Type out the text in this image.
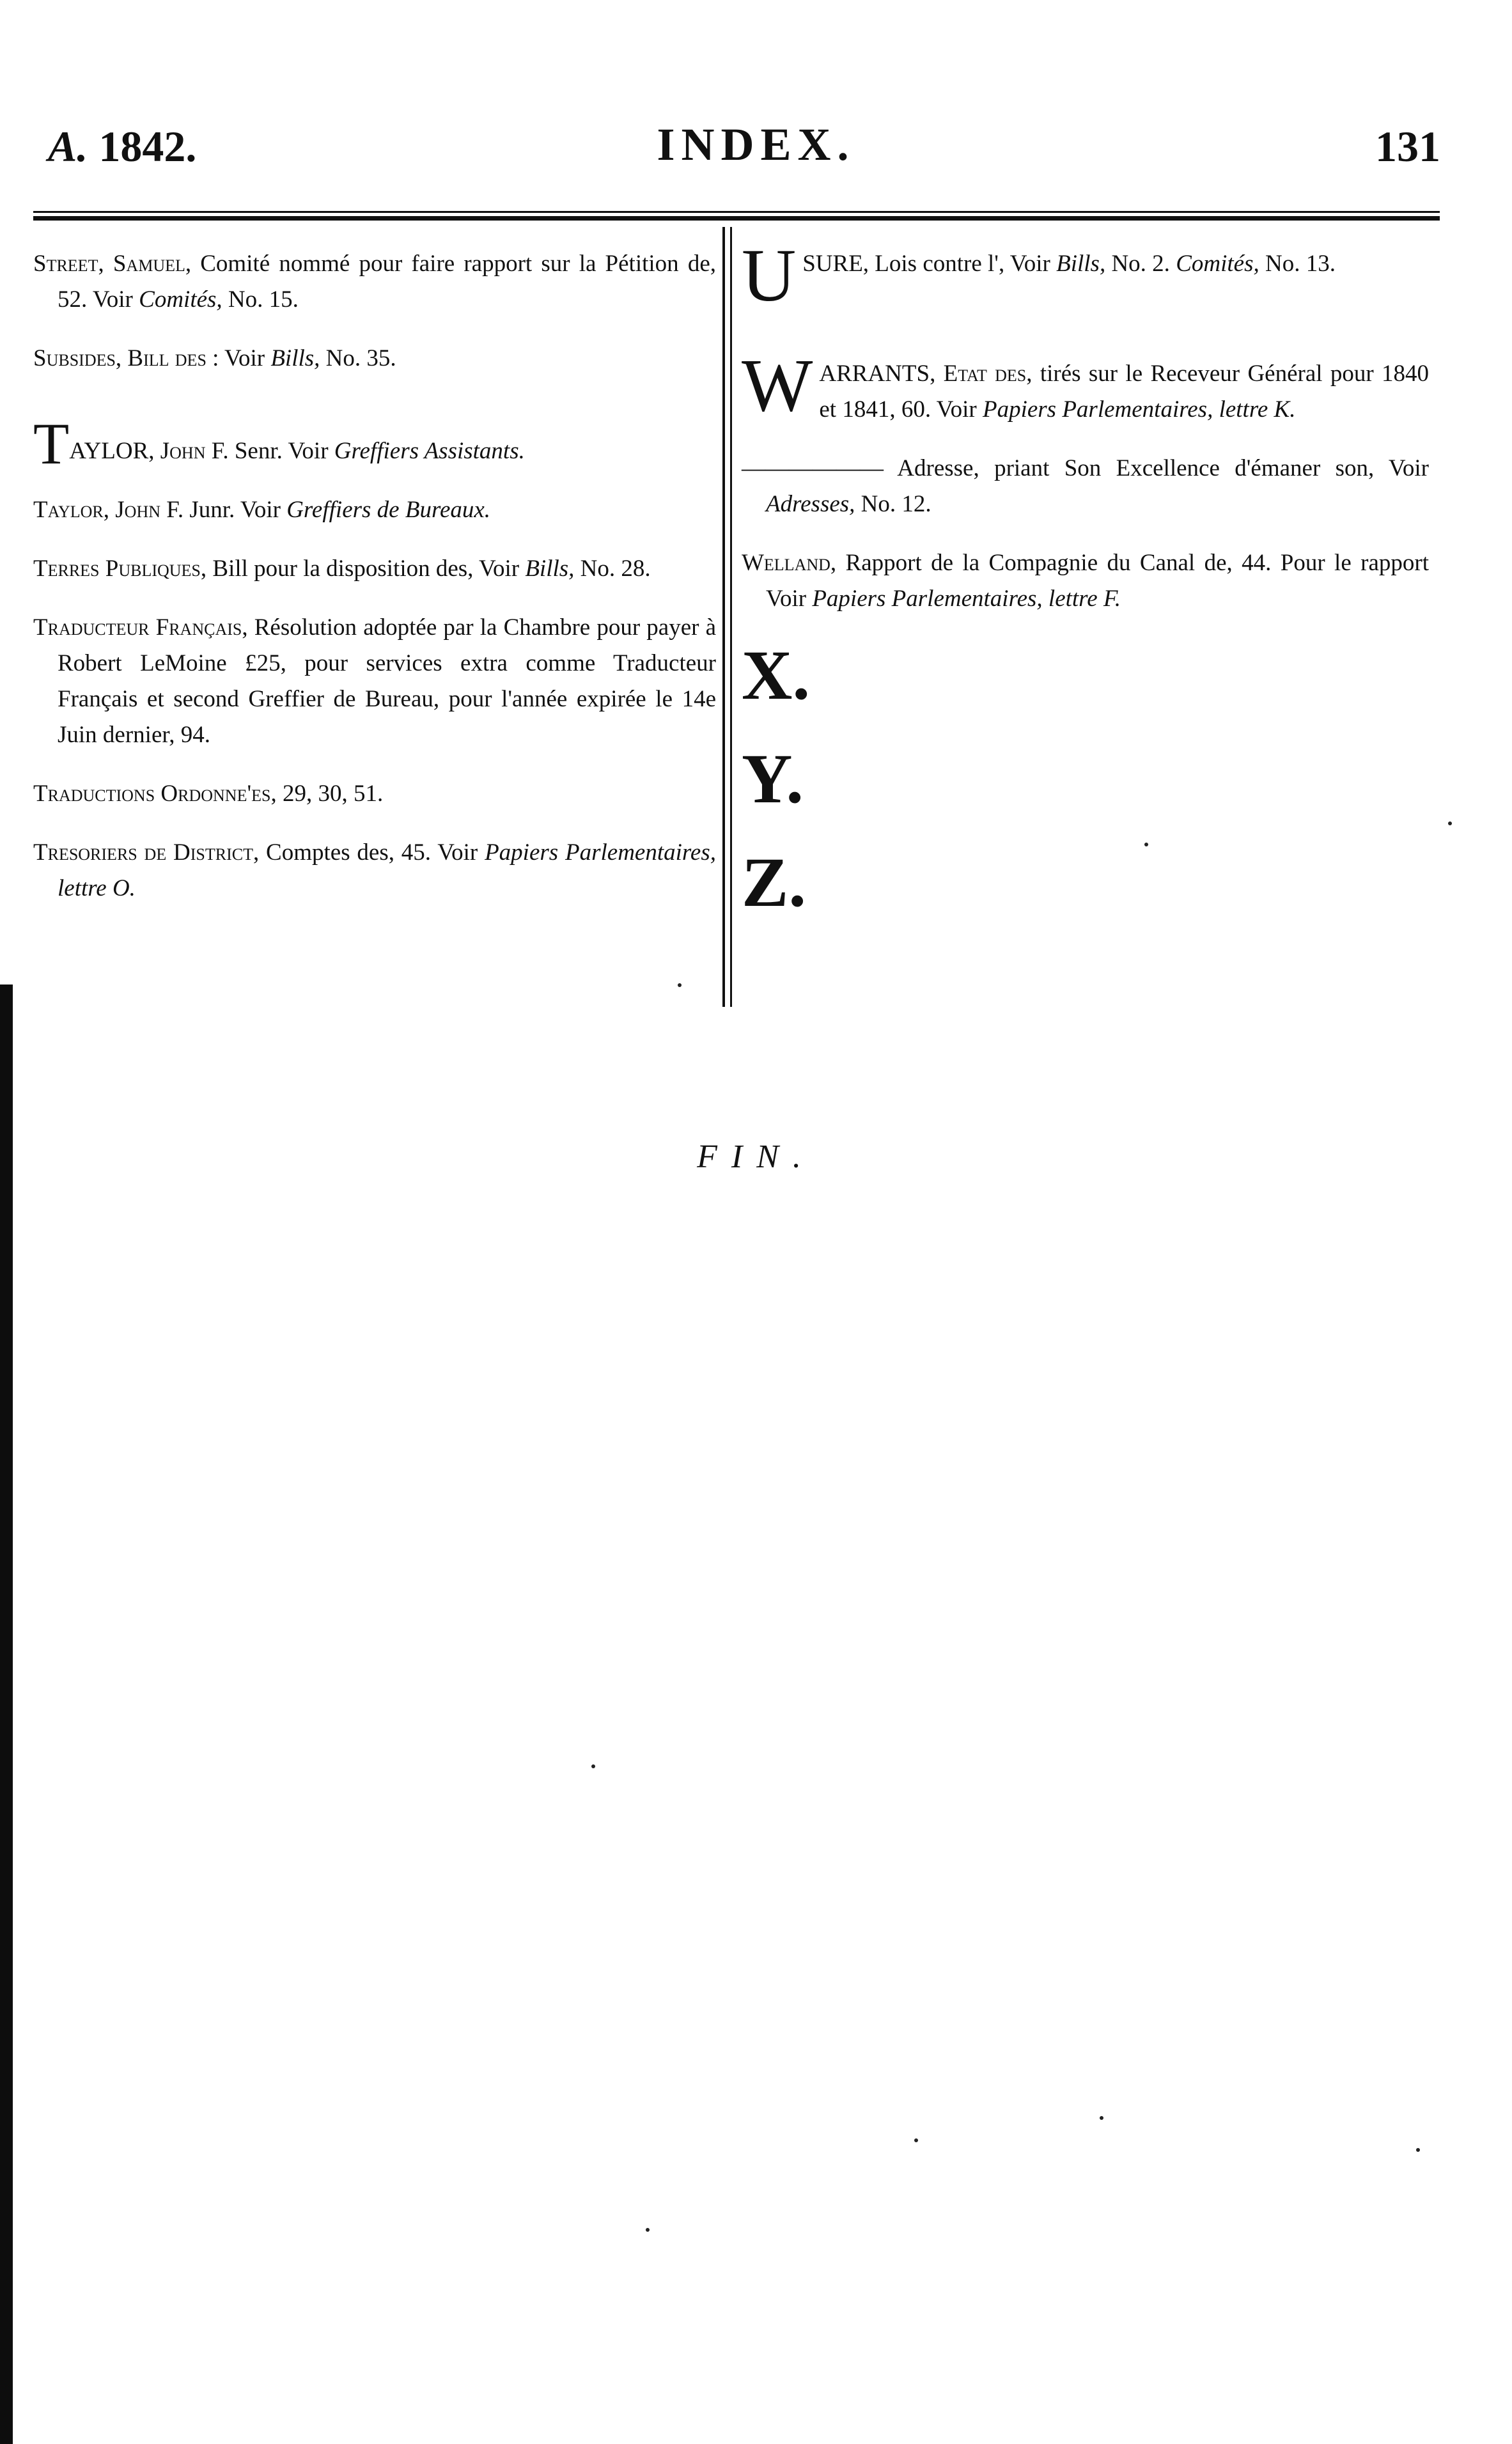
A. 1842.	INDEX.	131

Street, Samuel, Comité nommé pour faire rapport sur la Pétition de, 52. Voir Comités, No. 15.

Subsides, Bill des : Voir Bills, No. 35.

TAYLOR, John F. Senr. Voir Greffiers Assistants.

Taylor, John F. Junr. Voir Greffiers de Bureaux.

Terres Publiques, Bill pour la disposition des, Voir Bills, No. 28.

Traducteur Français, Résolution adoptée par la Chambre pour payer à Robert LeMoine £25, pour services extra comme Traducteur Français et second Greffier de Bureau, pour l'année expirée le 14e Juin dernier, 94.

Traductions Ordonne'es, 29, 30, 51.

Tresoriers de District, Comptes des, 45. Voir Papiers Parlementaires, lettre O.

USURE, Lois contre l', Voir Bills, No. 2. Comités, No. 13.

WARRANTS, Etat des, tirés sur le Receveur Général pour 1840 et 1841, 60. Voir Papiers Parlementaires, lettre K.

—————— Adresse, priant Son Excellence d'émaner son, Voir Adresses, No. 12.

Welland, Rapport de la Compagnie du Canal de, 44. Pour le rapport Voir Papiers Parlementaires, lettre F.

X.
Y.
Z.
FIN.
